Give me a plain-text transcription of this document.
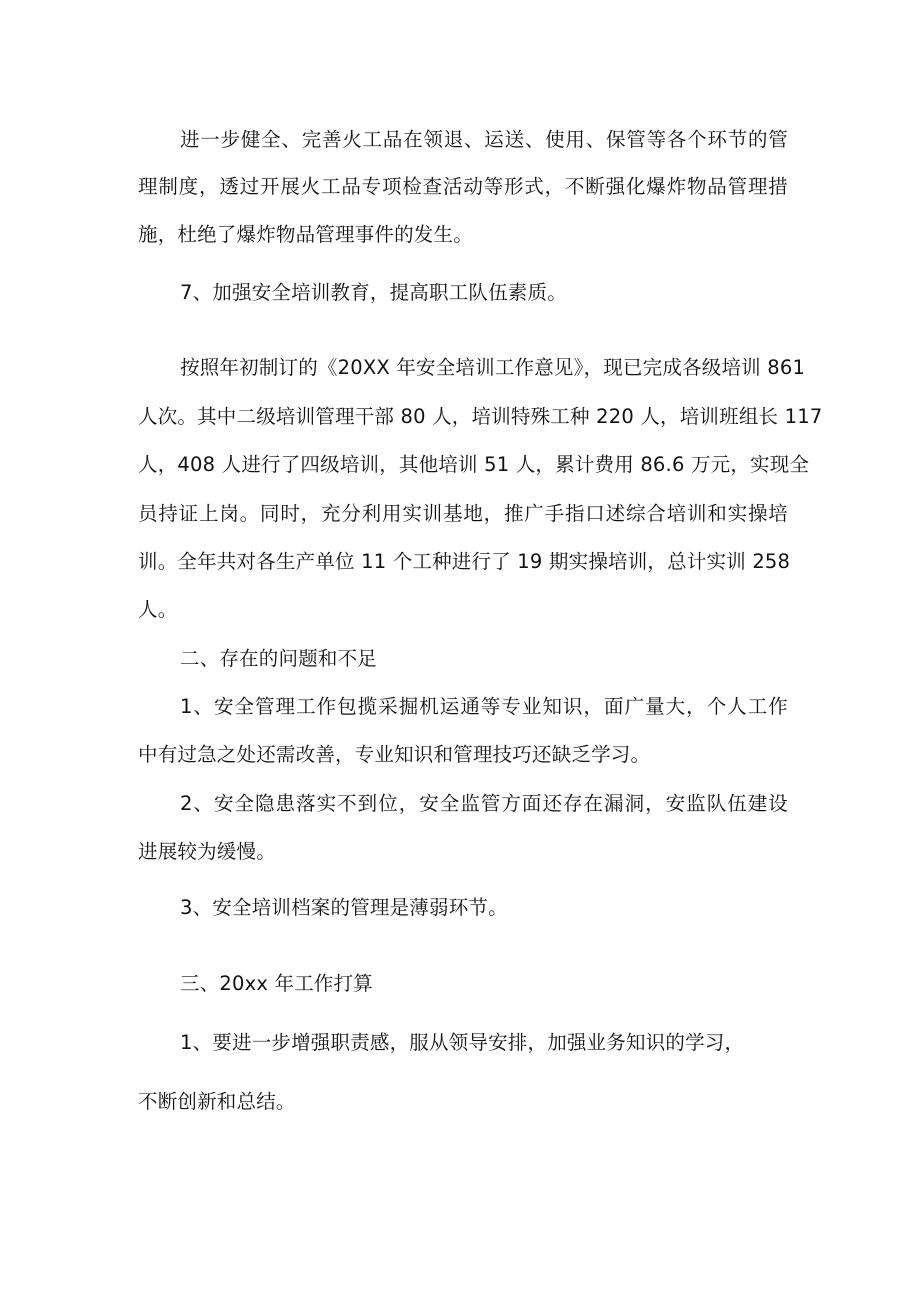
进一步健全、完善火工品在领退、运送、使用、保管等各个环节的管
理制度，透过开展火工品专项检查活动等形式，不断强化爆炸物品管理措
施，杜绝了爆炸物品管理事件的发生。
7、加强安全培训教育，提高职工队伍素质。
按照年初制订的《20XX 年安全培训工作意见》，现已完成各级培训 861
人次。其中二级培训管理干部 80 人，培训特殊工种 220 人，培训班组长 117
人，408 人进行了四级培训，其他培训 51 人，累计费用 86.6 万元，实现全
员持证上岗。同时，充分利用实训基地，推广手指口述综合培训和实操培
训。全年共对各生产单位 11 个工种进行了 19 期实操培训，总计实训 258
人。
二、存在的问题和不足
1、安全管理工作包揽采掘机运通等专业知识，面广量大，个人工作
中有过急之处还需改善，专业知识和管理技巧还缺乏学习。
2、安全隐患落实不到位，安全监管方面还存在漏洞，安监队伍建设
进展较为缓慢。
3、安全培训档案的管理是薄弱环节。
三、20xx 年工作打算
1、要进一步增强职责感，服从领导安排，加强业务知识的学习，
不断创新和总结。
